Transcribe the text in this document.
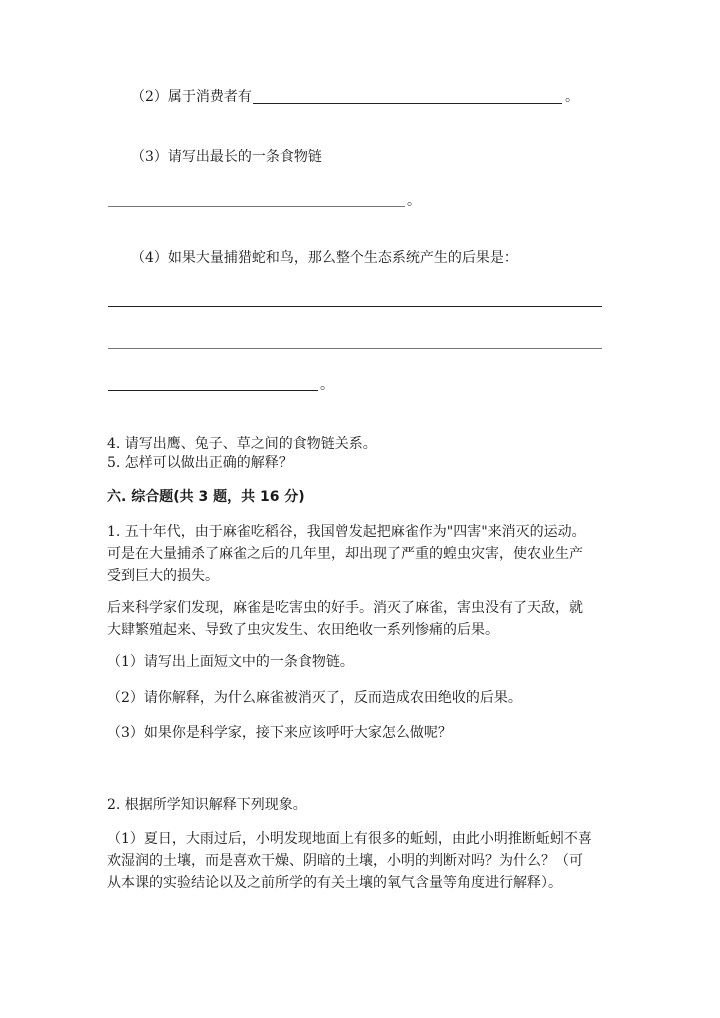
（2）属于消费者有	。
（3）请写出最长的一条食物链
。
（4）如果大量捕猎蛇和鸟，那么整个生态系统产生的后果是：
。
4. 请写出鹰、兔子、草之间的食物链关系。
5. 怎样可以做出正确的解释？
六. 综合题(共 3 题，共 16 分)
1. 五十年代，由于麻雀吃稻谷，我国曾发起把麻雀作为"四害"来消灭的运动。
可是在大量捕杀了麻雀之后的几年里，却出现了严重的蝗虫灾害，使农业生产
受到巨大的损失。
后来科学家们发现，麻雀是吃害虫的好手。消灭了麻雀，害虫没有了天敌，就
大肆繁殖起来、导致了虫灾发生、农田绝收一系列惨痛的后果。
（1）请写出上面短文中的一条食物链。
（2）请你解释，为什么麻雀被消灭了，反而造成农田绝收的后果。
（3）如果你是科学家，接下来应该呼吁大家怎么做呢？
2. 根据所学知识解释下列现象。
（1）夏日，大雨过后，小明发现地面上有很多的蚯蚓，由此小明推断蚯蚓不喜
欢湿润的土壤，而是喜欢干燥、阴暗的土壤，小明的判断对吗？为什么？（可
从本课的实验结论以及之前所学的有关土壤的氧气含量等角度进行解释）。
